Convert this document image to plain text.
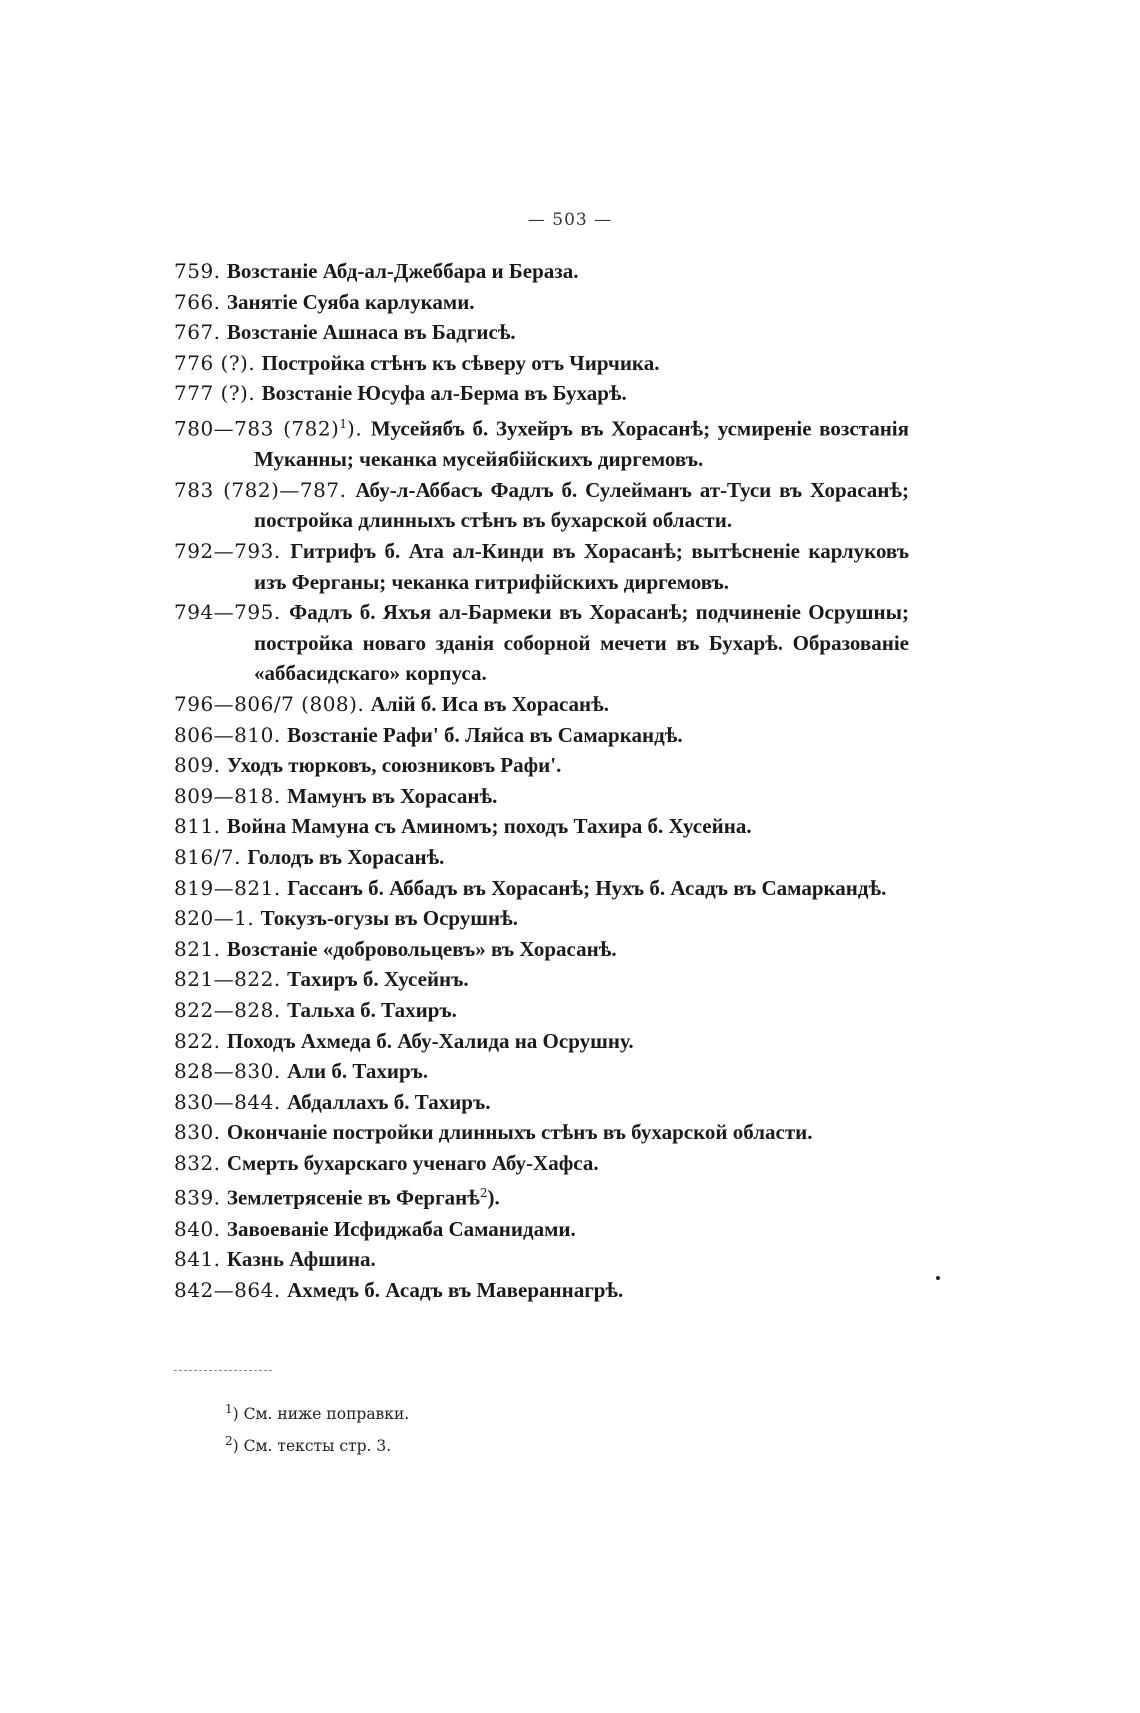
— 503 —
759. Возстаніе Абд-ал-Джеббара и Бераза.
766. Занятіе Суяба карлуками.
767. Возстаніе Ашнаса въ Бадгисѣ.
776 (?). Постройка стѣнъ къ сѣверу отъ Чирчика.
777 (?). Возстаніе Юсуфа ал-Берма въ Бухарѣ.
780—783 $(782)^1$). Мусейябъ б. Зухейръ въ Хорасанѣ; усмиреніе возстанія Муканны; чеканка мусейябійскихъ диргемовъ.
783 (782)—787. Абу-л-Аббасъ Фадлъ б. Сулейманъ ат-Туси въ Хорасанѣ; постройка длинныхъ стѣнъ въ бухарской области.
792—793. Гитрифъ б. Ата ал-Кинди въ Хорасанѣ; вытѣсненіе карлуковъ изъ Ферганы; чеканка гитрифійскихъ диргемовъ.
794—795. Фадлъ б. Яхъя ал-Бармеки въ Хорасанѣ; подчиненіе Осрушны; постройка новаго зданія соборной мечети въ Бухарѣ. Образованіе «аббасидскаго» корпуса.
796—806/7 (808). Алій б. Иса въ Хорасанѣ.
806—810. Возстаніе Рафи' б. Ляйса въ Самаркандѣ.
809. Уходъ тюрковъ, союзниковъ Рафи'.
809—818. Мамунъ въ Хорасанѣ.
811. Война Мамуна съ Аминомъ; походъ Тахира б. Хусейна.
816/7. Голодъ въ Хорасанѣ.
819—821. Гассанъ б. Аббадъ въ Хорасанѣ; Нухъ б. Асадъ въ Самаркандѣ.
820—1. Токузъ-огузы въ Осрушнѣ.
821. Возстаніе «добровольцевъ» въ Хорасанѣ.
821—822. Тахиръ б. Хусейнъ.
822—828. Тальха б. Тахиръ.
822. Походъ Ахмеда б. Абу-Халида на Осрушну.
828—830. Али б. Тахиръ.
830—844. Абдаллахъ б. Тахиръ.
830. Окончаніе постройки длинныхъ стѣнъ въ бухарской области.
832. Смерть бухарскаго ученаго Абу-Хафса.
839. Землетрясеніе въ Ферганѣ$^2$).
840. Завоеваніе Исфиджаба Саманидами.
841. Казнь Афшина.
842—864. Ахмедъ б. Асадъ въ Мавераннагрѣ.
$^1$) См. ниже поправки.
$^2$) См. тексты стр. 3.
